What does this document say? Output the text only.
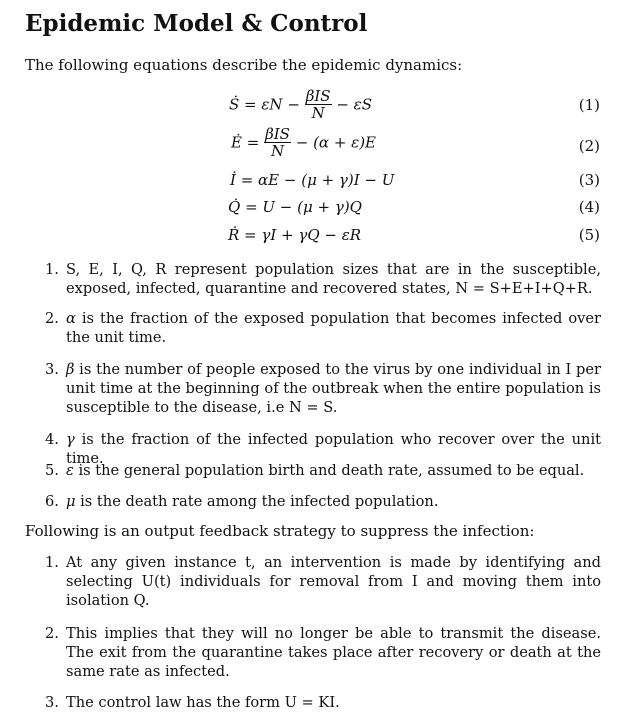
Epidemic Model & Control
The following equations describe the epidemic dynamics:
Ṡ = $\varepsilon N - \frac{\text{βIS}}{N} - \varepsilon S$	(1)
Ė = $\frac{\text{βIS}}{N} - (\alpha + \varepsilon)E$	(2)
İ = αE − (μ + γ)I − U	(3)
Q̇ = U − (μ + γ)Q	(4)
Ṙ = γI + γQ − εR	(5)
1. S, E, I, Q, R represent population sizes that are in the susceptible, exposed, infected, quarantine and recovered states, N = S+E+I+Q+R.
2. α is the fraction of the exposed population that becomes infected over the unit time.
3. β is the number of people exposed to the virus by one individual in I per unit time at the beginning of the outbreak when the entire population is susceptible to the disease, i.e N = S.
4. γ is the fraction of the infected population who recover over the unit time.
5. ε is the general population birth and death rate, assumed to be equal.
6. μ is the death rate among the infected population.
Following is an output feedback strategy to suppress the infection:
1. At any given instance t, an intervention is made by identifying and selecting U(t) individuals for removal from I and moving them into isolation Q.
2. This implies that they will no longer be able to transmit the disease. The exit from the quarantine takes place after recovery or death at the same rate as infected.
3. The control law has the form U = KI.
